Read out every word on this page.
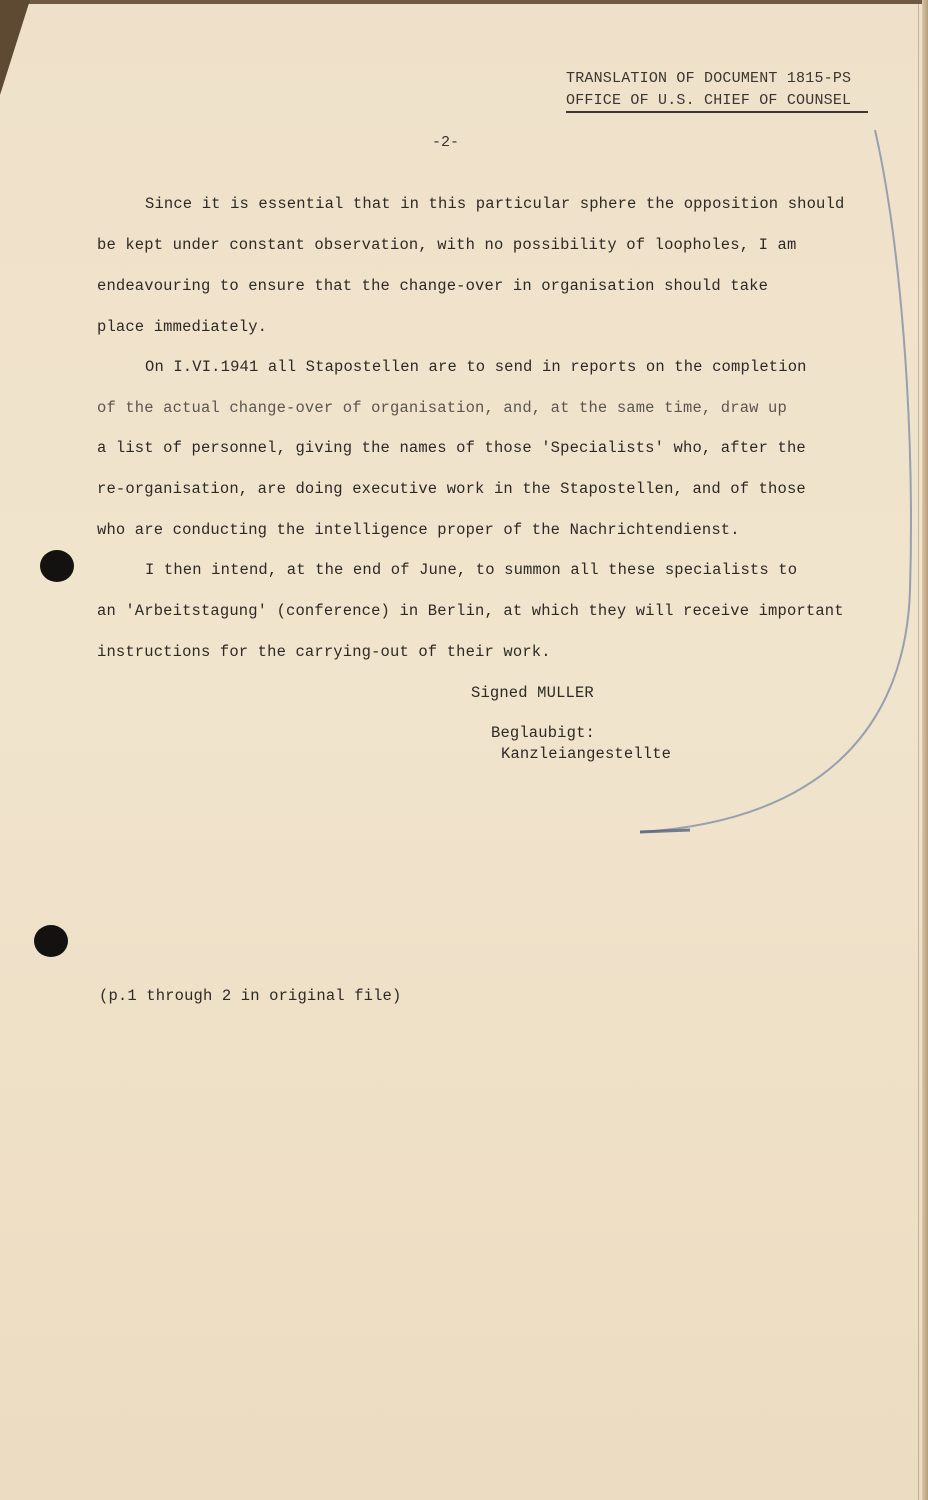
TRANSLATION OF DOCUMENT 1815-PS
OFFICE OF U.S. CHIEF OF COUNSEL
-2-
Since it is essential that in this particular sphere the opposition should
be kept under constant observation, with no possibility of loopholes, I am
endeavouring to ensure that the change-over in organisation should take
place immediately.
On I.VI.1941 all Stapostellen are to send in reports on the completion
of the actual change-over of organisation, and, at the same time, draw up
a list of personnel, giving the names of those 'Specialists' who, after the
re-organisation, are doing executive work in the Stapostellen, and of those
who are conducting the intelligence proper of the Nachrichtendienst.
I then intend, at the end of June, to summon all these specialists to
an 'Arbeitstagung' (conference) in Berlin, at which they will receive important
instructions for the carrying-out of their work.
Signed MULLER
Beglaubigt:
Kanzleiangestellte
(p.1 through 2 in original file)
